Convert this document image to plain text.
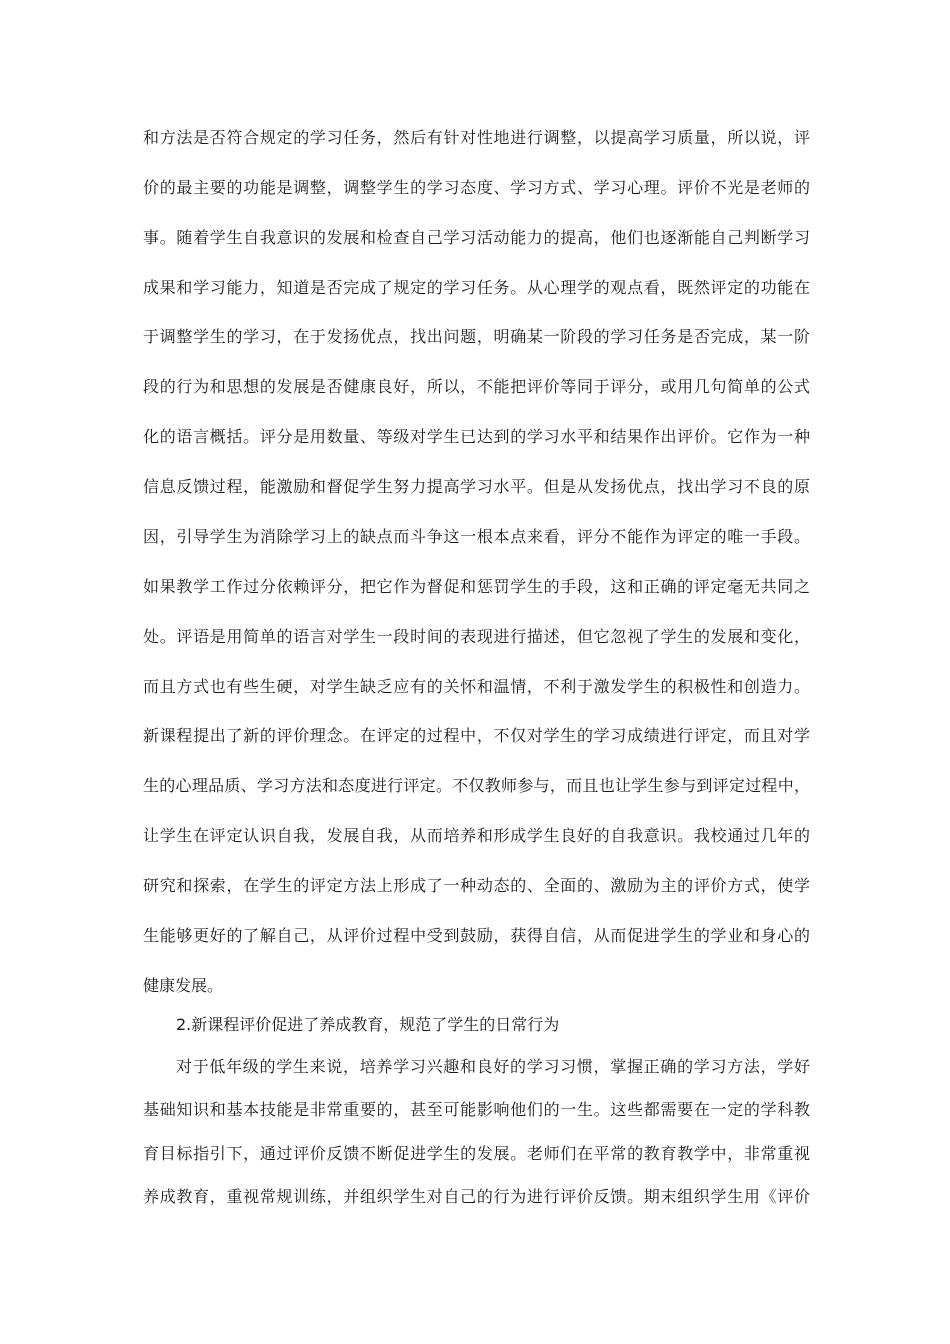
和方法是否符合规定的学习任务，然后有针对性地进行调整，以提高学习质量，所以说，评
价的最主要的功能是调整，调整学生的学习态度、学习方式、学习心理。评价不光是老师的
事。随着学生自我意识的发展和检查自己学习活动能力的提高，他们也逐渐能自己判断学习
成果和学习能力，知道是否完成了规定的学习任务。从心理学的观点看，既然评定的功能在
于调整学生的学习，在于发扬优点，找出问题，明确某一阶段的学习任务是否完成，某一阶
段的行为和思想的发展是否健康良好，所以，不能把评价等同于评分，或用几句简单的公式
化的语言概括。评分是用数量、等级对学生已达到的学习水平和结果作出评价。它作为一种
信息反馈过程，能激励和督促学生努力提高学习水平。但是从发扬优点，找出学习不良的原
因，引导学生为消除学习上的缺点而斗争这一根本点来看，评分不能作为评定的唯一手段。
如果教学工作过分依赖评分，把它作为督促和惩罚学生的手段，这和正确的评定毫无共同之
处。评语是用简单的语言对学生一段时间的表现进行描述，但它忽视了学生的发展和变化，
而且方式也有些生硬，对学生缺乏应有的关怀和温情，不利于激发学生的积极性和创造力。
新课程提出了新的评价理念。在评定的过程中，不仅对学生的学习成绩进行评定，而且对学
生的心理品质、学习方法和态度进行评定。不仅教师参与，而且也让学生参与到评定过程中，
让学生在评定认识自我，发展自我，从而培养和形成学生良好的自我意识。我校通过几年的
研究和探索，在学生的评定方法上形成了一种动态的、全面的、激励为主的评价方式，使学
生能够更好的了解自己，从评价过程中受到鼓励，获得自信，从而促进学生的学业和身心的
健康发展。
2.新课程评价促进了养成教育，规范了学生的日常行为
对于低年级的学生来说，培养学习兴趣和良好的学习习惯，掌握正确的学习方法，学好
基础知识和基本技能是非常重要的，甚至可能影响他们的一生。这些都需要在一定的学科教
育目标指引下，通过评价反馈不断促进学生的发展。老师们在平常的教育教学中，非常重视
养成教育，重视常规训练，并组织学生对自己的行为进行评价反馈。期末组织学生用《评价
